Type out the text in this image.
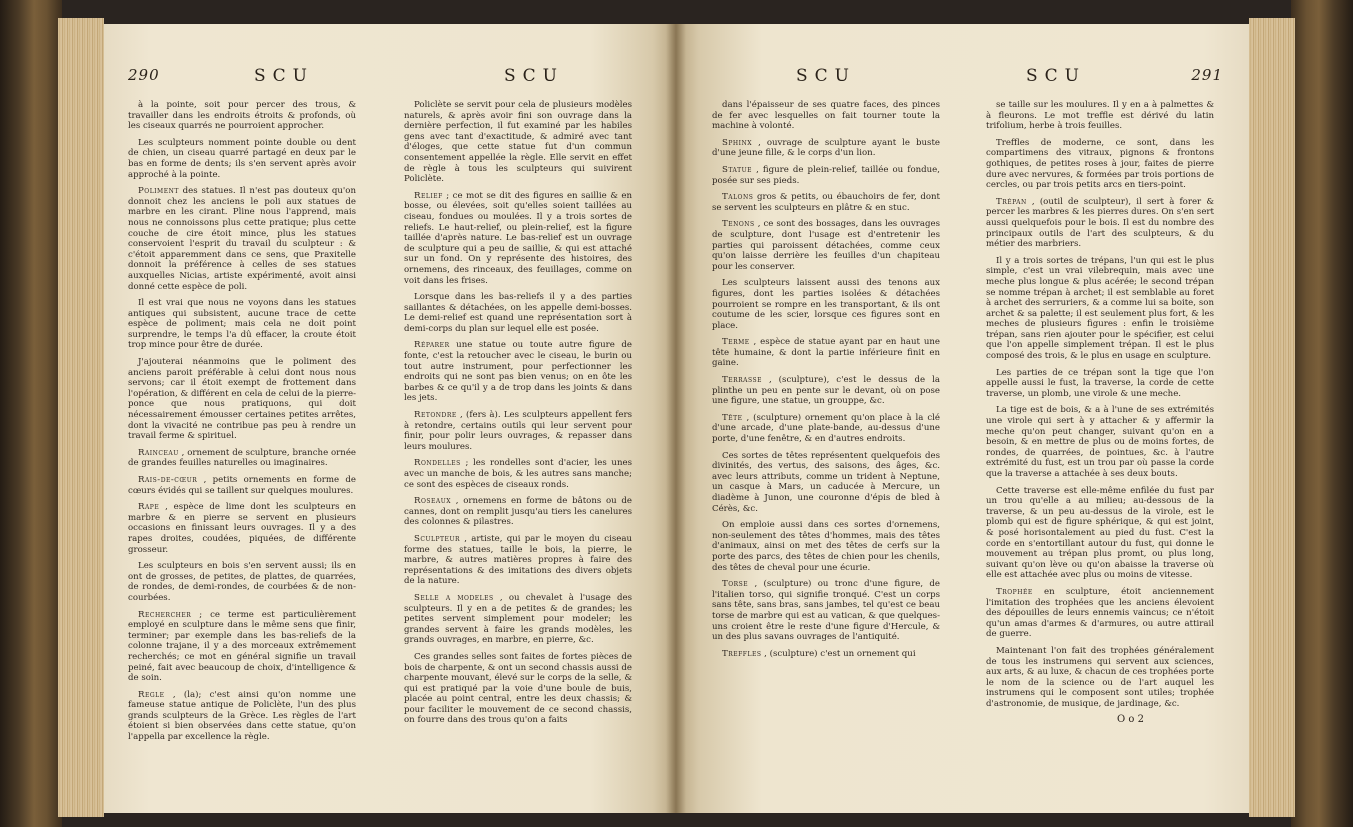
290	SCU	SCU

à la pointe, soit pour percer des trous, & travailler dans les endroits étroits & profonds, où les ciseaux quarrés ne pourroient approcher.

Les sculpteurs nomment pointe double ou dent de chien, un ciseau quarré partagé en deux par le bas en forme de dents; ils s'en servent après avoir approché à la pointe.

Poliment des statues. Il n'est pas douteux qu'on donnoit chez les anciens le poli aux statues de marbre en les cirant. Pline nous l'apprend, mais nous ne connoissons plus cette pratique; plus cette couche de cire étoit mince, plus les statues conservoient l'esprit du travail du sculpteur : & c'étoit apparemment dans ce sens, que Praxitelle donnoit la préférence à celles de ses statues auxquelles Nicias, artiste expérimenté, avoit ainsi donné cette espèce de poli.

Il est vrai que nous ne voyons dans les statues antiques qui subsistent, aucune trace de cette espèce de poliment; mais cela ne doit point surprendre, le temps l'a dû effacer, la croute étoit trop mince pour être de durée.

J'ajouterai néanmoins que le poliment des anciens paroit préférable à celui dont nous nous servons; car il étoit exempt de frottement dans l'opération, & différent en cela de celui de la pierre-ponce que nous pratiquons, qui doit nécessairement émousser certaines petites arrêtes, dont la vivacité ne contribue pas peu à rendre un travail ferme & spirituel.

Rainceau , ornement de sculpture, branche ornée de grandes feuilles naturelles ou imaginaires.

Rais-de-cœur , petits ornements en forme de cœurs évidés qui se taillent sur quelques moulures.

Rape , espèce de lime dont les sculpteurs en marbre & en pierre se servent en plusieurs occasions en finissant leurs ouvrages. Il y a des rapes droites, coudées, piquées, de différente grosseur.

Les sculpteurs en bois s'en servent aussi; ils en ont de grosses, de petites, de plattes, de quarrées, de rondes, de demi-rondes, de courbées & de non-courbées.

Rechercher ; ce terme est particulièrement employé en sculpture dans le même sens que finir, terminer; par exemple dans les bas-reliefs de la colonne trajane, il y a des morceaux extrêmement recherchés; ce mot en général signifie un travail peiné, fait avec beaucoup de choix, d'intelligence & de soin.

Regle , (la); c'est ainsi qu'on nomme une fameuse statue antique de Policlète, l'un des plus grands sculpteurs de la Grèce. Les règles de l'art étoient si bien observées dans cette statue, qu'on l'appella par excellence la règle.

Policlète se servit pour cela de plusieurs modèles naturels, & après avoir fini son ouvrage dans la dernière perfection, il fut examiné par les habiles gens avec tant d'exactitude, & admiré avec tant d'éloges, que cette statue fut d'un commun consentement appellée la règle. Elle servit en effet de règle à tous les sculpteurs qui suivirent Policlète.

Relief ; ce mot se dit des figures en saillie & en bosse, ou élevées, soit qu'elles soient taillées au ciseau, fondues ou moulées. Il y a trois sortes de reliefs. Le haut-relief, ou plein-relief, est la figure taillée d'après nature. Le bas-relief est un ouvrage de sculpture qui a peu de saillie, & qui est attaché sur un fond. On y représente des histoires, des ornemens, des rinceaux, des feuillages, comme on voit dans les frises.

Lorsque dans les bas-reliefs il y a des parties saillantes & détachées, on les appelle demi-bosses. Le demi-relief est quand une représentation sort à demi-corps du plan sur lequel elle est posée.

Réparer une statue ou toute autre figure de fonte, c'est la retoucher avec le ciseau, le burin ou tout autre instrument, pour perfectionner les endroits qui ne sont pas bien venus; on en ôte les barbes & ce qu'il y a de trop dans les joints & dans les jets.

Retondre , (fers à). Les sculpteurs appellent fers à retondre, certains outils qui leur servent pour finir, pour polir leurs ouvrages, & repasser dans leurs moulures.

Rondelles ; les rondelles sont d'acier, les unes avec un manche de bois, & les autres sans manche; ce sont des espèces de ciseaux ronds.

Roseaux , ornemens en forme de bâtons ou de cannes, dont on remplit jusqu'au tiers les canelures des colonnes & pilastres.

Sculpteur , artiste, qui par le moyen du ciseau forme des statues, taille le bois, la pierre, le marbre, & autres matières propres à faire des représentations & des imitations des divers objets de la nature.

Selle a modeles , ou chevalet à l'usage des sculpteurs. Il y en a de petites & de grandes; les petites servent simplement pour modeler; les grandes servent à faire les grands modèles, les grands ouvrages, en marbre, en pierre, &c.

Ces grandes selles sont faites de fortes pièces de bois de charpente, & ont un second chassis aussi de charpente mouvant, élevé sur le corps de la selle, & qui est pratiqué par la voie d'une boule de buis, placée au point central, entre les deux chassis; & pour faciliter le mouvement de ce second chassis, on fourre dans des trous qu'on a faits

SCU	SCU	291

dans l'épaisseur de ses quatre faces, des pinces de fer avec lesquelles on fait tourner toute la machine à volonté.

Sphinx , ouvrage de sculpture ayant le buste d'une jeune fille, & le corps d'un lion.

Statue , figure de plein-relief, taillée ou fondue, posée sur ses pieds.

Talons gros & petits, ou ébauchoirs de fer, dont se servent les sculpteurs en plâtre & en stuc.

Tenons , ce sont des bossages, dans les ouvrages de sculpture, dont l'usage est d'entretenir les parties qui paroissent détachées, comme ceux qu'on laisse derrière les feuilles d'un chapiteau pour les conserver.

Les sculpteurs laissent aussi des tenons aux figures, dont les parties isolées & détachées pourroient se rompre en les transportant, & ils ont coutume de les scier, lorsque ces figures sont en place.

Terme , espèce de statue ayant par en haut une tête humaine, & dont la partie inférieure finit en gaine.

Terrasse , (sculpture), c'est le dessus de la plinthe un peu en pente sur le devant, où on pose une figure, une statue, un grouppe, &c.

Tête , (sculpture) ornement qu'on place à la clé d'une arcade, d'une plate-bande, au-dessus d'une porte, d'une fenêtre, & en d'autres endroits.

Ces sortes de têtes représentent quelquefois des divinités, des vertus, des saisons, des âges, &c. avec leurs attributs, comme un trident à Neptune, un casque à Mars, un caducée à Mercure, un diadème à Junon, une couronne d'épis de bled à Cérès, &c.

On emploie aussi dans ces sortes d'ornemens, non-seulement des têtes d'hommes, mais des têtes d'animaux, ainsi on met des têtes de cerfs sur la porte des parcs, des têtes de chien pour les chenils, des têtes de cheval pour une écurie.

Torse , (sculpture) ou tronc d'une figure, de l'italien torso, qui signifie tronqué. C'est un corps sans tête, sans bras, sans jambes, tel qu'est ce beau torse de marbre qui est au vatican, & que quelques-uns croient être le reste d'une figure d'Hercule, & un des plus savans ouvrages de l'antiquité.

Treffles , (sculpture) c'est un ornement qui

se taille sur les moulures. Il y en a à palmettes & à fleurons. Le mot treffle est dérivé du latin trifolium, herbe à trois feuilles.

Treffles de moderne, ce sont, dans les compartimens des vitraux, pignons & frontons gothiques, de petites roses à jour, faites de pierre dure avec nervures, & formées par trois portions de cercles, ou par trois petits arcs en tiers-point.

Trépan , (outil de sculpteur), il sert à forer & percer les marbres & les pierres dures. On s'en sert aussi quelquefois pour le bois. Il est du nombre des principaux outils de l'art des sculpteurs, & du métier des marbriers.

Il y a trois sortes de trépans, l'un qui est le plus simple, c'est un vrai vilebrequin, mais avec une meche plus longue & plus acérée; le second trépan se nomme trépan à archet; il est semblable au foret à archet des serruriers, & a comme lui sa boite, son archet & sa palette; il est seulement plus fort, & les meches de plusieurs figures : enfin le troisième trépan, sans rien ajouter pour le spécifier, est celui que l'on appelle simplement trépan. Il est le plus composé des trois, & le plus en usage en sculpture.

Les parties de ce trépan sont la tige que l'on appelle aussi le fust, la traverse, la corde de cette traverse, un plomb, une virole & une meche.

La tige est de bois, & a à l'une de ses extrémités une virole qui sert à y attacher & y affermir la meche qu'on peut changer, suivant qu'on en a besoin, & en mettre de plus ou de moins fortes, de rondes, de quarrées, de pointues, &c. à l'autre extrémité du fust, est un trou par où passe la corde que la traverse a attachée à ses deux bouts.

Cette traverse est elle-même enfilée du fust par un trou qu'elle a au milieu; au-dessous de la traverse, & un peu au-dessus de la virole, est le plomb qui est de figure sphérique, & qui est joint, & posé horisontalement au pied du fust. C'est la corde en s'entortillant autour du fust, qui donne le mouvement au trépan plus promt, ou plus long, suivant qu'on lève ou qu'on abaisse la traverse où elle est attachée avec plus ou moins de vitesse.

Trophée en sculpture, étoit anciennement l'imitation des trophées que les anciens élevoient des dépouilles de leurs ennemis vaincus; ce n'étoit qu'un amas d'armes & d'armures, ou autre attirail de guerre.

Maintenant l'on fait des trophées généralement de tous les instrumens qui servent aux sciences, aux arts, & au luxe, & chacun de ces trophées porte le nom de la science ou de l'art auquel les instrumens qui le composent sont utiles; trophée d'astronomie, de musique, de jardinage, &c.

O o 2
